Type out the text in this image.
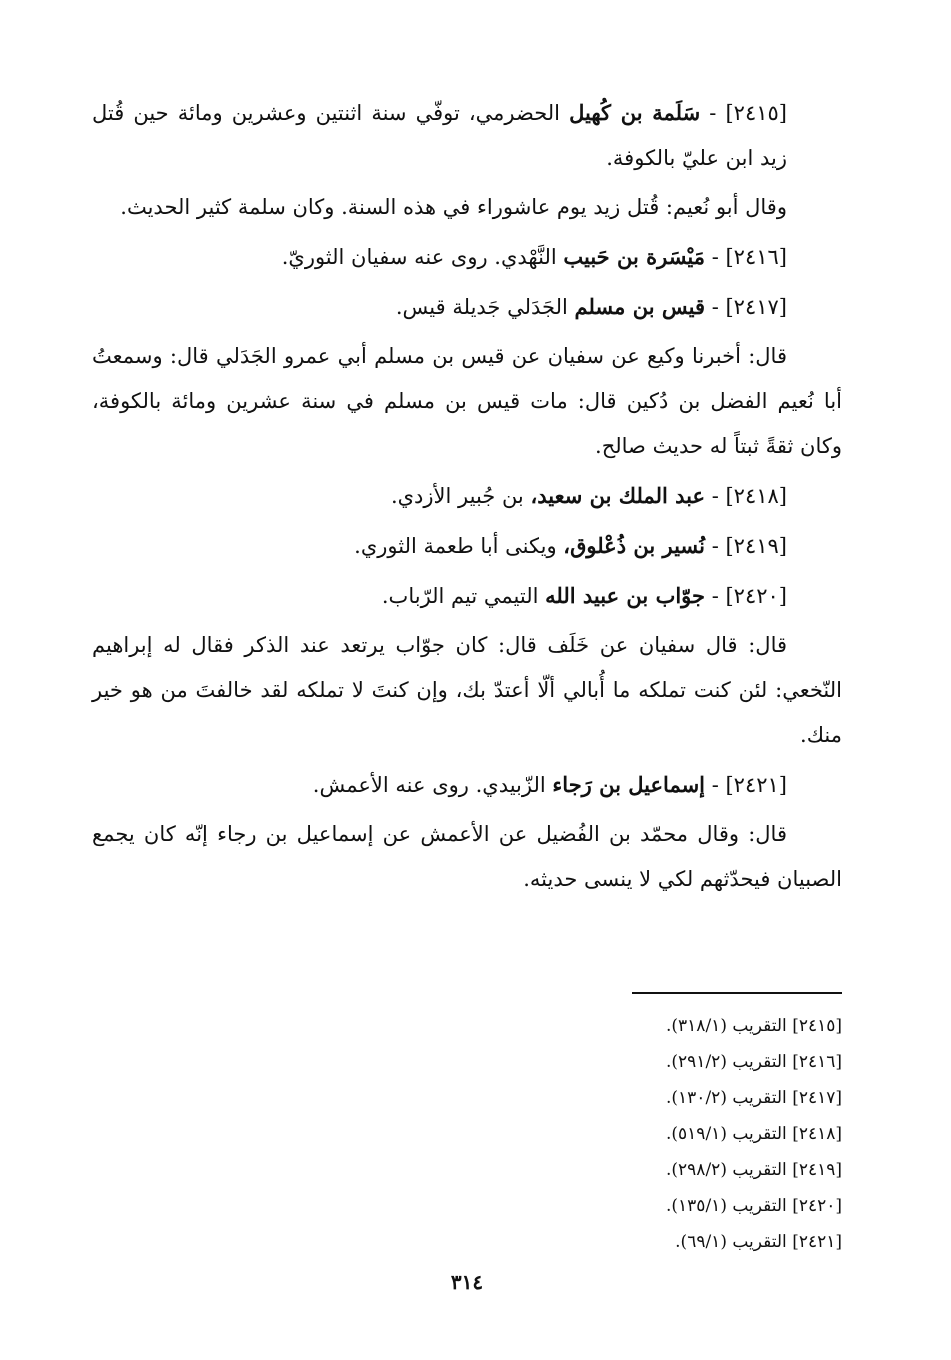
[٢٤١٥] - سَلَمة بن كُهيل الحضرمي، توفّي سنة اثنتين وعشرين ومائة حين قُتل زيد ابن عليّ بالكوفة.

وقال أبو نُعيم: قُتل زيد يوم عاشوراء في هذه السنة. وكان سلمة كثير الحديث.

[٢٤١٦] - مَيْسَرة بن حَبيب النَّهْدي. روى عنه سفيان الثوريّ.

[٢٤١٧] - قيس بن مسلم الجَدَلي جَديلة قيس.

قال: أخبرنا وكيع عن سفيان عن قيس بن مسلم أبي عمرو الجَدَلي قال: وسمعتُ أبا نُعيم الفضل بن دُكين قال: مات قيس بن مسلم في سنة عشرين ومائة بالكوفة، وكان ثقةً ثبتاً له حديث صالح.

[٢٤١٨] - عبد الملك بن سعيد، بن جُبير الأزدي.

[٢٤١٩] - نُسير بن ذُعْلوق، ويكنى أبا طعمة الثوري.

[٢٤٢٠] - جوّاب بن عبيد الله التيمي تيم الرّباب.

قال: قال سفيان عن خَلَف قال: كان جوّاب يرتعد عند الذكر فقال له إبراهيم النّخعي: لئن كنت تملكه ما أُبالي ألّا أعتدّ بك، وإن كنتَ لا تملكه لقد خالفتَ من هو خير منك.

[٢٤٢١] - إسماعيل بن رَجاء الزّبيدي. روى عنه الأعمش.

قال: وقال محمّد بن الفُضيل عن الأعمش عن إسماعيل بن رجاء إنّه كان يجمع الصبيان فيحدّثهم لكي لا ينسى حديثه.

[٢٤١٥] التقريب (٣١٨/١).

[٢٤١٦] التقريب (٢٩١/٢).

[٢٤١٧] التقريب (١٣٠/٢).

[٢٤١٨] التقريب (٥١٩/١).

[٢٤١٩] التقريب (٢٩٨/٢).

[٢٤٢٠] التقريب (١٣٥/١).

[٢٤٢١] التقريب (٦٩/١).

٣١٤
